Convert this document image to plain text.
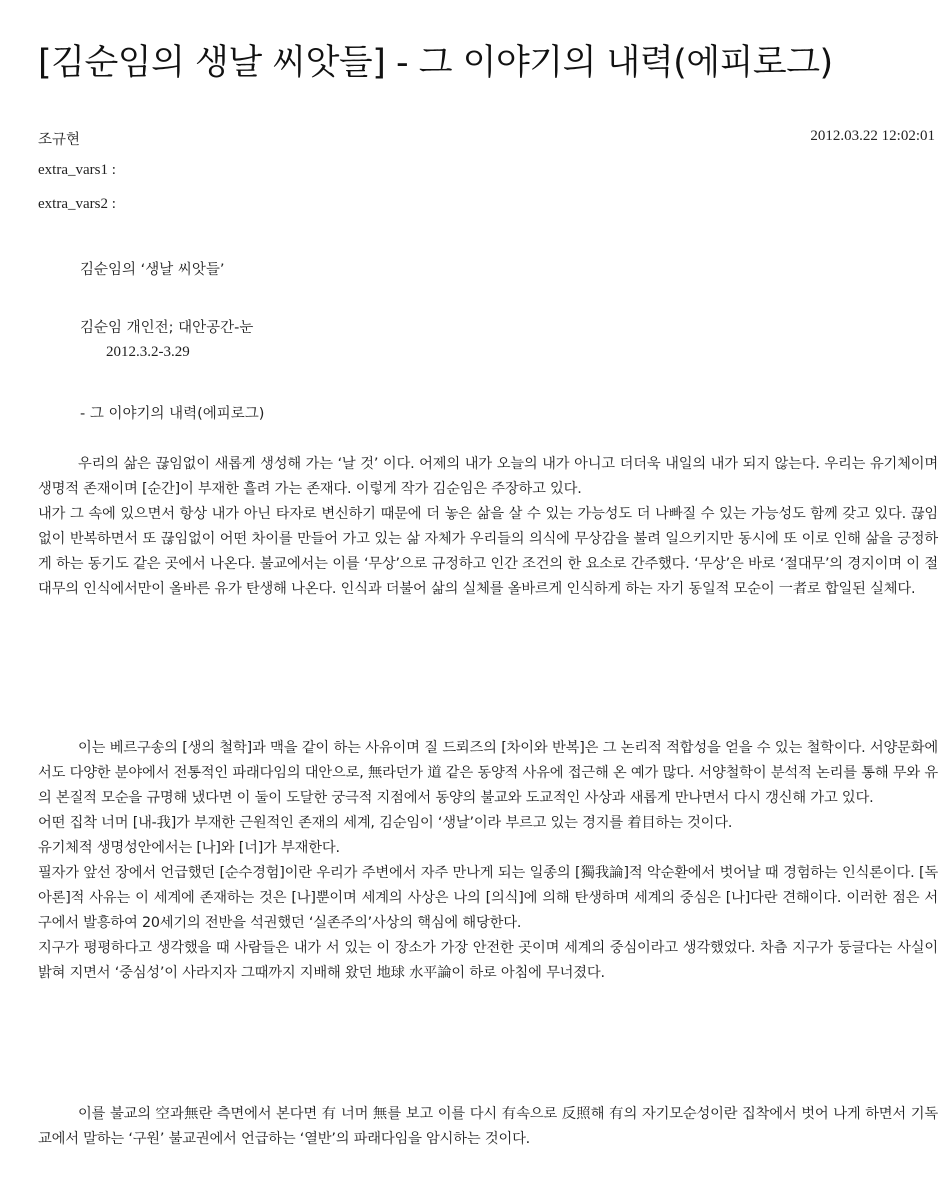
[김순임의 생날 씨앗들] - 그 이야기의 내력(에피로그)
조규현	2012.03.22 12:02:01
extra_vars1 :
extra_vars2 :
김순임의 ‘생날 씨앗들’
김순임 개인전; 대안공간-눈
2012.3.2-3.29
- 그 이야기의 내력(에피로그)

우리의 삶은 끊임없이 새롭게 생성해 가는 ‘날 것’ 이다. 어제의 내가 오늘의 내가 아니고 더더욱 내일의 내가 되지 않는다. 우리는 유기체이며 생명적 존재이며 [순간]이 부재한 흘려 가는 존재다. 이렇게 작가 김순임은 주장하고 있다.

내가 그 속에 있으면서 항상 내가 아닌 타자로 변신하기 때문에 더 놓은 삶을 살 수 있는 가능성도 더 나빠질 수 있는 가능성도 함께 갖고 있다. 끊임 없이 반복하면서 또 끊임없이 어떤 차이를 만들어 가고 있는 삶 자체가 우리들의 의식에 무상감을 불려 일으키지만 동시에 또 이로 인해 삶을 긍정하게 하는 동기도 같은 곳에서 나온다. 불교에서는 이를 ‘무상’으로 규정하고 인간 조건의 한 요소로 간주했다. ‘무상’은 바로 ‘절대무’의 경지이며 이 절대무의 인식에서만이 올바른 유가 탄생해 나온다. 인식과 더불어 삶의 실체를 올바르게 인식하게 하는 자기 동일적 모순이 一者로 합일된 실체다.

이는 베르구송의 [생의 철학]과 맥을 같이 하는 사유이며 질 드뢰즈의 [차이와 반복]은 그 논리적 적합성을 얻을 수 있는 철학이다. 서양문화에서도 다양한 분야에서 전통적인 파래다임의 대안으로, 無라던가 道 같은 동양적 사유에 접근해 온 예가 많다. 서양철학이 분석적 논리를 통해 무와 유의 본질적 모순을 규명해 냈다면 이 둘이 도달한 궁극적 지점에서 동양의 불교와 도교적인 사상과 새롭게 만나면서 다시 갱신해 가고 있다.

어떤 집착 너머 [내-我]가 부재한 근원적인 존재의 세계, 김순임이 ‘생날’이라 부르고 있는 경지를 着目하는 것이다.

유기체적 생명성안에서는 [나]와 [너]가 부재한다.

필자가 앞선 장에서 언급했던 [순수경험]이란 우리가 주변에서 자주 만나게 되는 일종의 [獨我論]적 악순환에서 벗어날 때 경험하는 인식론이다. [독아론]적 사유는 이 세계에 존재하는 것은 [나]뿐이며 세계의 사상은 나의 [의식]에 의해 탄생하며 세계의 중심은 [나]다란 견해이다. 이러한 점은 서구에서 발흥하여 20세기의 전반을 석권했던 ‘실존주의’사상의 핵심에 해당한다.

지구가 평평하다고 생각했을 때 사람들은 내가 서 있는 이 장소가 가장 안전한 곳이며 세계의 중심이라고 생각했었다. 차츰 지구가 둥글다는 사실이 밝혀 지면서 ‘중심성’이 사라지자 그때까지 지배해 왔던 地球 水平論이 하로 아침에 무너졌다.

이를 불교의 空과無란 측면에서 본다면 有 너머 無를 보고 이를 다시 有속으로 反照해 有의 자기모순성이란 집착에서 벗어 나게 하면서 기독교에서 말하는 ‘구원’ 불교권에서 언급하는 ‘열반’의 파래다임을 암시하는 것이다.
